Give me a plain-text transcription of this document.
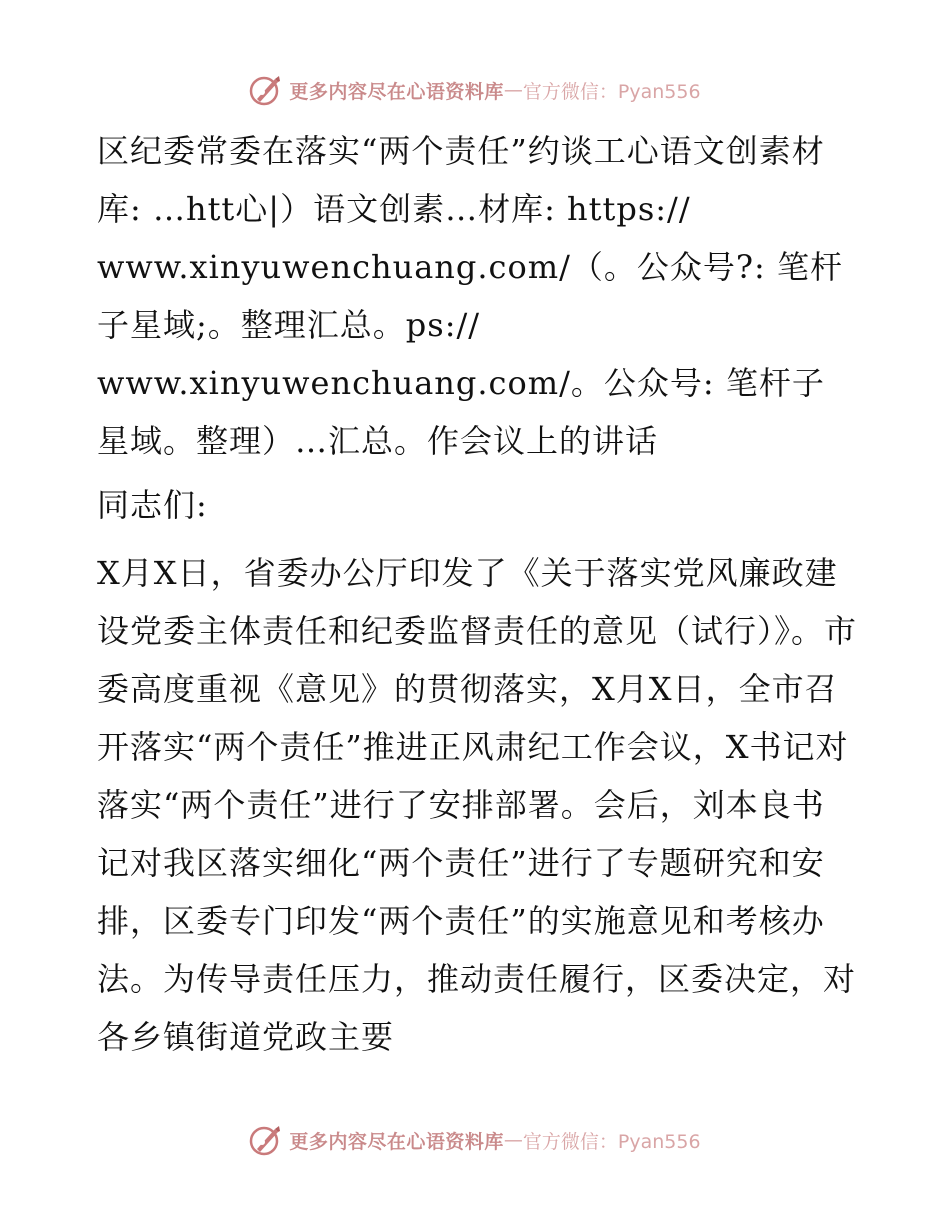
更多内容尽在心语资料库 — 官方微信：Pyan556

区纪委常委在落实“两个责任”约谈工心语文创素材库: …htt心|）语文创素…材库: https:// www.xinyuwenchuang.com/（。公众号?: 笔杆子星域;。整理汇总。ps:// www.xinyuwenchuang.com/。公众号: 笔杆子星域。整理）…汇总。作会议上的讲话

同志们:

X月X日，省委办公厅印发了《关于落实党风廉政建设党委主体责任和纪委监督责任的意见（试行）》。市委高度重视《意见》的贯彻落实，X月X日，全市召开落实“两个责任”推进正风肃纪工作会议，X书记对落实“两个责任”进行了安排部署。会后，刘本良书记对我区落实细化“两个责任”进行了专题研究和安排，区委专门印发“两个责任”的实施意见和考核办法。为传导责任压力，推动责任履行，区委决定，对各乡镇街道党政主要

更多内容尽在心语资料库 — 官方微信：Pyan556
